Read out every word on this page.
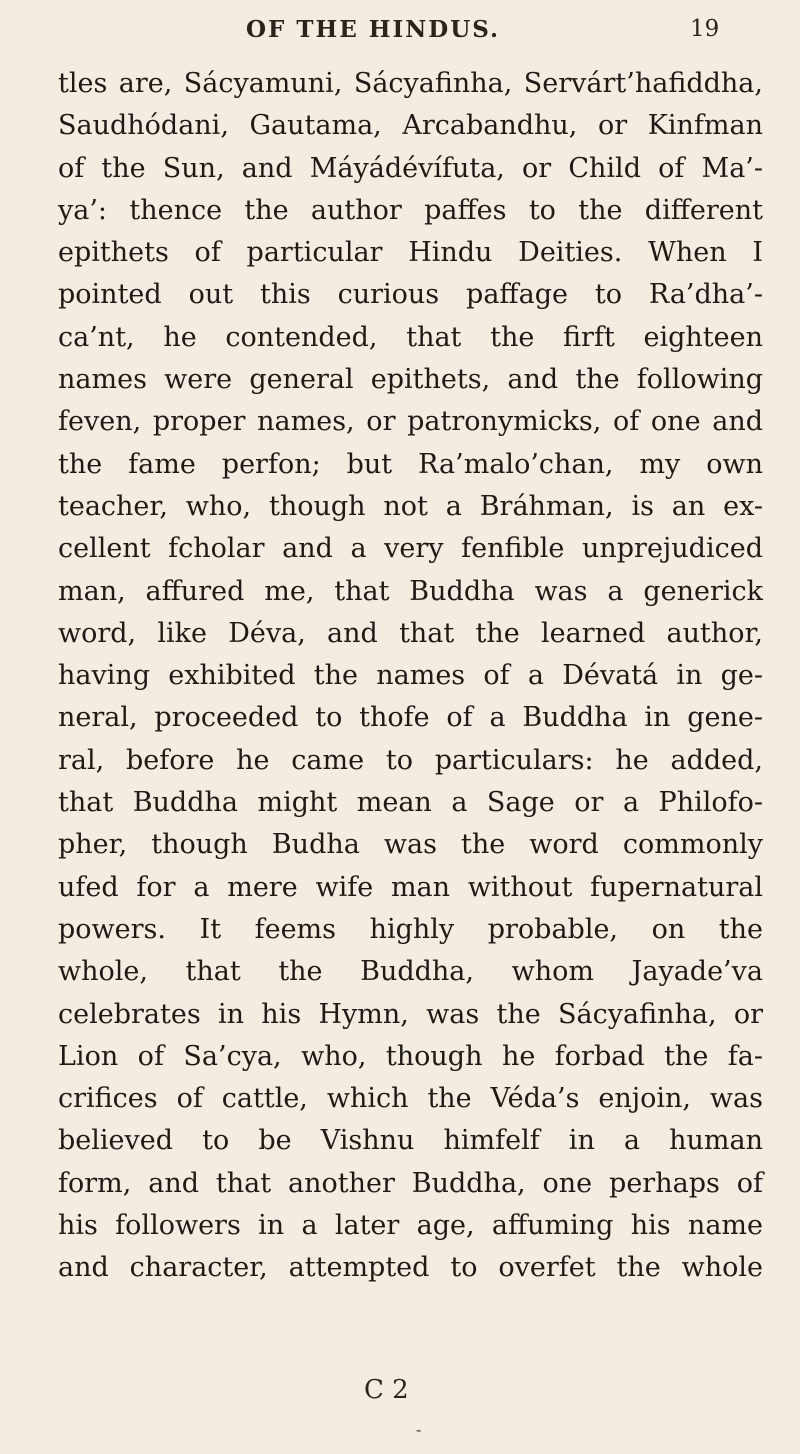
OF THE HINDUS.	19
tles are, Sácyamuni, Sácyafinha, Servárt’hafiddha,
Saudhódani, Gautama, Arcabandhu, or Kinfman
of the Sun, and Máyádévífuta, or Child of Ma’-
ya’: thence the author paffes to the different
epithets of particular Hindu Deities. When I
pointed out this curious paffage to Ra’dha’-
ca’nt, he contended, that the firft eighteen
names were general epithets, and the following
feven, proper names, or patronymicks, of one and
the fame perfon; but Ra’malo’chan, my own
teacher, who, though not a Bráhman, is an ex-
cellent fcholar and a very fenfible unprejudiced
man, affured me, that Buddha was a generick
word, like Déva, and that the learned author,
having exhibited the names of a Dévatá in ge-
neral, proceeded to thofe of a Buddha in gene-
ral, before he came to particulars: he added,
that Buddha might mean a Sage or a Philofo-
pher, though Budha was the word commonly
ufed for a mere wife man without fupernatural
powers. It feems highly probable, on the
whole, that the Buddha, whom Jayade’va
celebrates in his Hymn, was the Sácyafinha, or
Lion of Sa’cya, who, though he forbad the fa-
crifices of cattle, which the Véda’s enjoin, was
believed to be Vishnu himfelf in a human
form, and that another Buddha, one perhaps of
his followers in a later age, affuming his name
and character, attempted to overfet the whole
C 2
-
